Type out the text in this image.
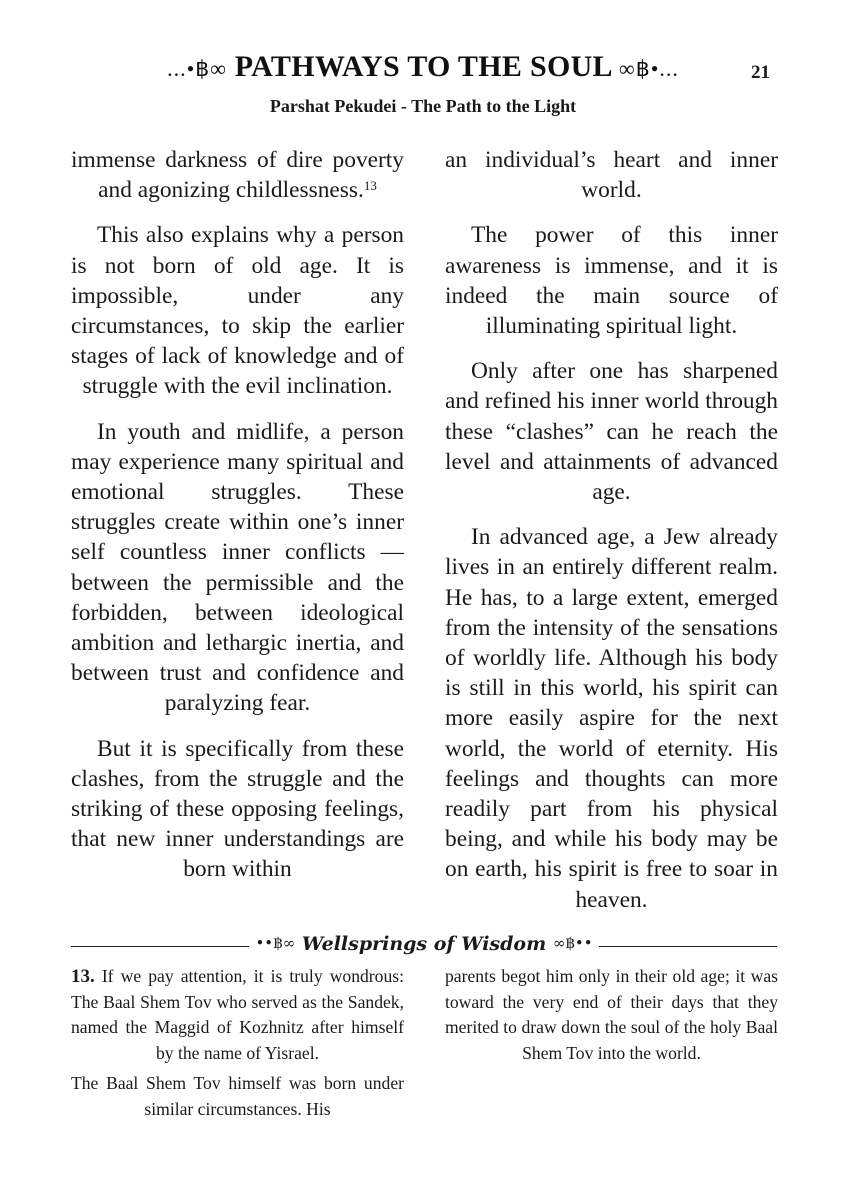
...•฿∞ PATHWAYS TO THE SOUL ∞฿•...	21
Parshat Pekudei - The Path to the Light

immense darkness of dire poverty and agonizing childlessness.$^{13}$

This also explains why a person is not born of old age. It is impossible, under any circumstances, to skip the earlier stages of lack of knowledge and of struggle with the evil inclination.

In youth and midlife, a person may experience many spiritual and emotional struggles. These struggles create within one’s inner self countless inner conflicts — between the permissible and the forbidden, between ideological ambition and lethargic inertia, and between trust and confidence and paralyzing fear.

But it is specifically from these clashes, from the struggle and the striking of these opposing feelings, that new inner understandings are born within

an individual’s heart and inner world.

The power of this inner awareness is immense, and it is indeed the main source of illuminating spiritual light.

Only after one has sharpened and refined his inner world through these “clashes” can he reach the level and attainments of advanced age.

In advanced age, a Jew already lives in an entirely different realm. He has, to a large extent, emerged from the intensity of the sensations of worldly life. Although his body is still in this world, his spirit can more easily aspire for the next world, the world of eternity. His feelings and thoughts can more readily part from his physical being, and while his body may be on earth, his spirit is free to soar in heaven.

••฿∞ Wellsprings of Wisdom ∞฿••

13. If we pay attention, it is truly wondrous: The Baal Shem Tov who served as the Sandek, named the Maggid of Kozhnitz after himself by the name of Yisrael.

The Baal Shem Tov himself was born under similar circumstances. His

parents begot him only in their old age; it was toward the very end of their days that they merited to draw down the soul of the holy Baal Shem Tov into the world.
